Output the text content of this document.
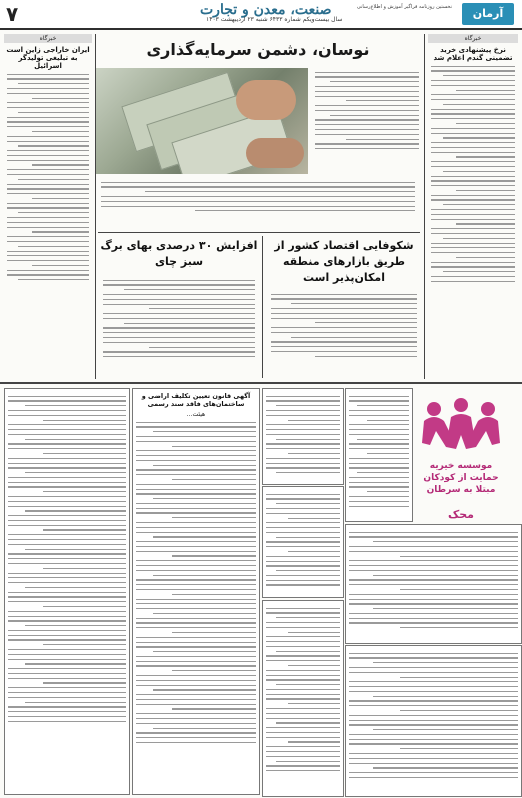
۷	صنعت، معدن و تجارت
سال بیست‌ویکم شماره ۶۴۳۳ شنبه ۲۳ اردیبهشت ۱۴۰۳
نخستین روزنامه فراگیر آموزش و اطلاع‌رسانی	آرمان
خبرگاه
نرخ پیشنهادی خرید تضمینی گندم اعلام شد
خبرگاه
ایران خاراجی زاین است به تبلیغی تولیدگر اسرائیل
نوسان، دشمن سرمایه‌گذاری
شکوفایی اقتصاد کشور از طریق بازارهای منطقه امکان‌پذیر است
افزایش ۳۰ درصدی بهای برگ سبز چای
موسسه خیریه حمایت از کودکان مبتلا به سرطان
محک
آگهی قانون تعیین تکلیف اراضی و ساختمان‌های فاقد سند رسمی
هیئت...
